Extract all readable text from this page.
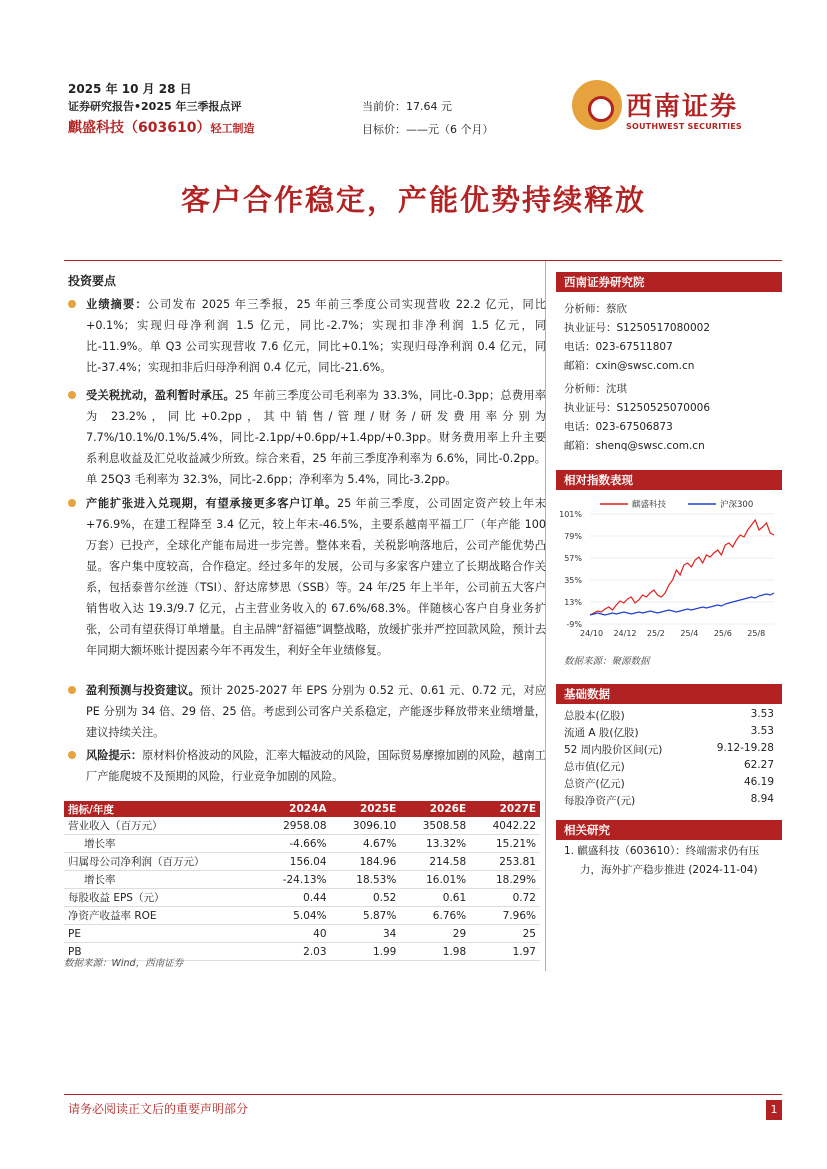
2025 年 10 月 28 日
证券研究报告•2025 年三季报点评
麒盛科技（603610）轻工制造
当前价：17.64 元
目标价：——元（6 个月）
西南证券
SOUTHWEST SECURITIES
客户合作稳定，产能优势持续释放
投资要点
业绩摘要：公司发布 2025 年三季报，25 年前三季度公司实现营收 22.2 亿元，同比+0.1%；实现归母净利润 1.5 亿元，同比-2.7%；实现扣非净利润 1.5 亿元，同比-11.9%。单 Q3 公司实现营收 7.6 亿元，同比+0.1%；实现归母净利润 0.4 亿元，同比-37.4%；实现扣非后归母净利润 0.4 亿元，同比-21.6%。
受关税扰动，盈利暂时承压。25 年前三季度公司毛利率为 33.3%，同比-0.3pp；总费用率为 23.2%，同比+0.2pp，其中销售/管理/财务/研发费用率分别为 7.7%/10.1%/0.1%/5.4%，同比-2.1pp/+0.6pp/+1.4pp/+0.3pp。财务费用率上升主要系利息收益及汇兑收益减少所致。综合来看，25 年前三季度净利率为 6.6%，同比-0.2pp。单 25Q3 毛利率为 32.3%，同比-2.6pp；净利率为 5.4%，同比-3.2pp。
产能扩张进入兑现期，有望承接更多客户订单。25 年前三季度，公司固定资产较上年末+76.9%，在建工程降至 3.4 亿元，较上年末-46.5%，主要系越南平福工厂（年产能 100 万套）已投产，全球化产能布局进一步完善。整体来看，关税影响落地后，公司产能优势凸显。客户集中度较高，合作稳定。经过多年的发展，公司与多家客户建立了长期战略合作关系，包括泰普尔丝涟（TSI）、舒达席梦思（SSB）等。24 年/25 年上半年，公司前五大客户销售收入达 19.3/9.7 亿元，占主营业务收入的 67.6%/68.3%。伴随核心客户自身业务扩张，公司有望获得订单增量。自主品牌“舒福德”调整战略，放缓扩张并严控回款风险，预计去年同期大额坏账计提因素今年不再发生，利好全年业绩修复。
盈利预测与投资建议。预计 2025-2027 年 EPS 分别为 0.52 元、0.61 元、0.72 元，对应 PE 分别为 34 倍、29 倍、25 倍。考虑到公司客户关系稳定，产能逐步释放带来业绩增量，建议持续关注。
风险提示：原材料价格波动的风险，汇率大幅波动的风险，国际贸易摩擦加剧的风险，越南工厂产能爬坡不及预期的风险，行业竞争加剧的风险。
指标/年度	2024A	2025E	2026E	2027E
营业收入（百万元）	2958.08	3096.10	3508.58	4042.22
增长率	-4.66%	4.67%	13.32%	15.21%
归属母公司净利润（百万元）	156.04	184.96	214.58	253.81
增长率	-24.13%	18.53%	16.01%	18.29%
每股收益 EPS（元）	0.44	0.52	0.61	0.72
净资产收益率 ROE	5.04%	5.87%	6.76%	7.96%
PE	40	34	29	25
PB	2.03	1.99	1.98	1.97
数据来源：Wind，西南证券
西南证券研究院
分析师：蔡欣
执业证号：S1250517080002
电话：023-67511807
邮箱：cxin@swsc.com.cn
分析师：沈琪
执业证号：S1250525070006
电话：023-67506873
邮箱：shenq@swsc.com.cn
相对指数表现
101%
79%
57%
35%
13%
-9%
24/10 24/12 25/2 25/4 25/6 25/8
麒盛科技	沪深300
数据来源：聚源数据
基础数据
总股本(亿股)	3.53
流通 A 股(亿股)	3.53
52 周内股价区间(元)	9.12-19.28
总市值(亿元)	62.27
总资产(亿元)	46.19
每股净资产(元)	8.94
相关研究
1. 麒盛科技（603610）：终端需求仍有压
力，海外扩产稳步推进 (2024-11-04)
请务必阅读正文后的重要声明部分	1
